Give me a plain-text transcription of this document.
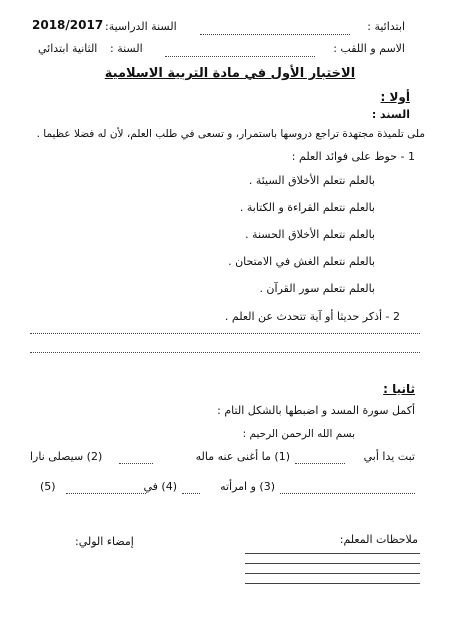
ابتدائية :
2018/2017 السنة الدراسية:
الاسم و اللقب :
السنة :
الثانية ابتدائي
الاختبار الأول في مادة التربية الاسلامية
أولا :
السند :
ملى تلميذة مجتهدة تراجع دروسها باستمرار، و تسعى في طلب العلم، لأن له فضلا عظيما .
1 - حوط على فوائد العلم :
بالعلم نتعلم الأخلاق السيئة .
بالعلم نتعلم القراءة و الكتابة .
بالعلم نتعلم الأخلاق الحسنة .
بالعلم نتعلم الغش في الامتحان .
بالعلم نتعلم سور القرآن .
2 - أذكر حديثا أو آية تتحدث عن العلم .
ثانيا :
أكمل سورة المسد و اضبطها بالشكل التام :
بسم الله الرحمن الرحيم :
تبت يدا أبي
(1) ما أغنى عنه ماله
(2) سيصلى نارا
(3) و امرأته
(4) في
(5)
ملاحظات المعلم:
إمضاء الولي:
